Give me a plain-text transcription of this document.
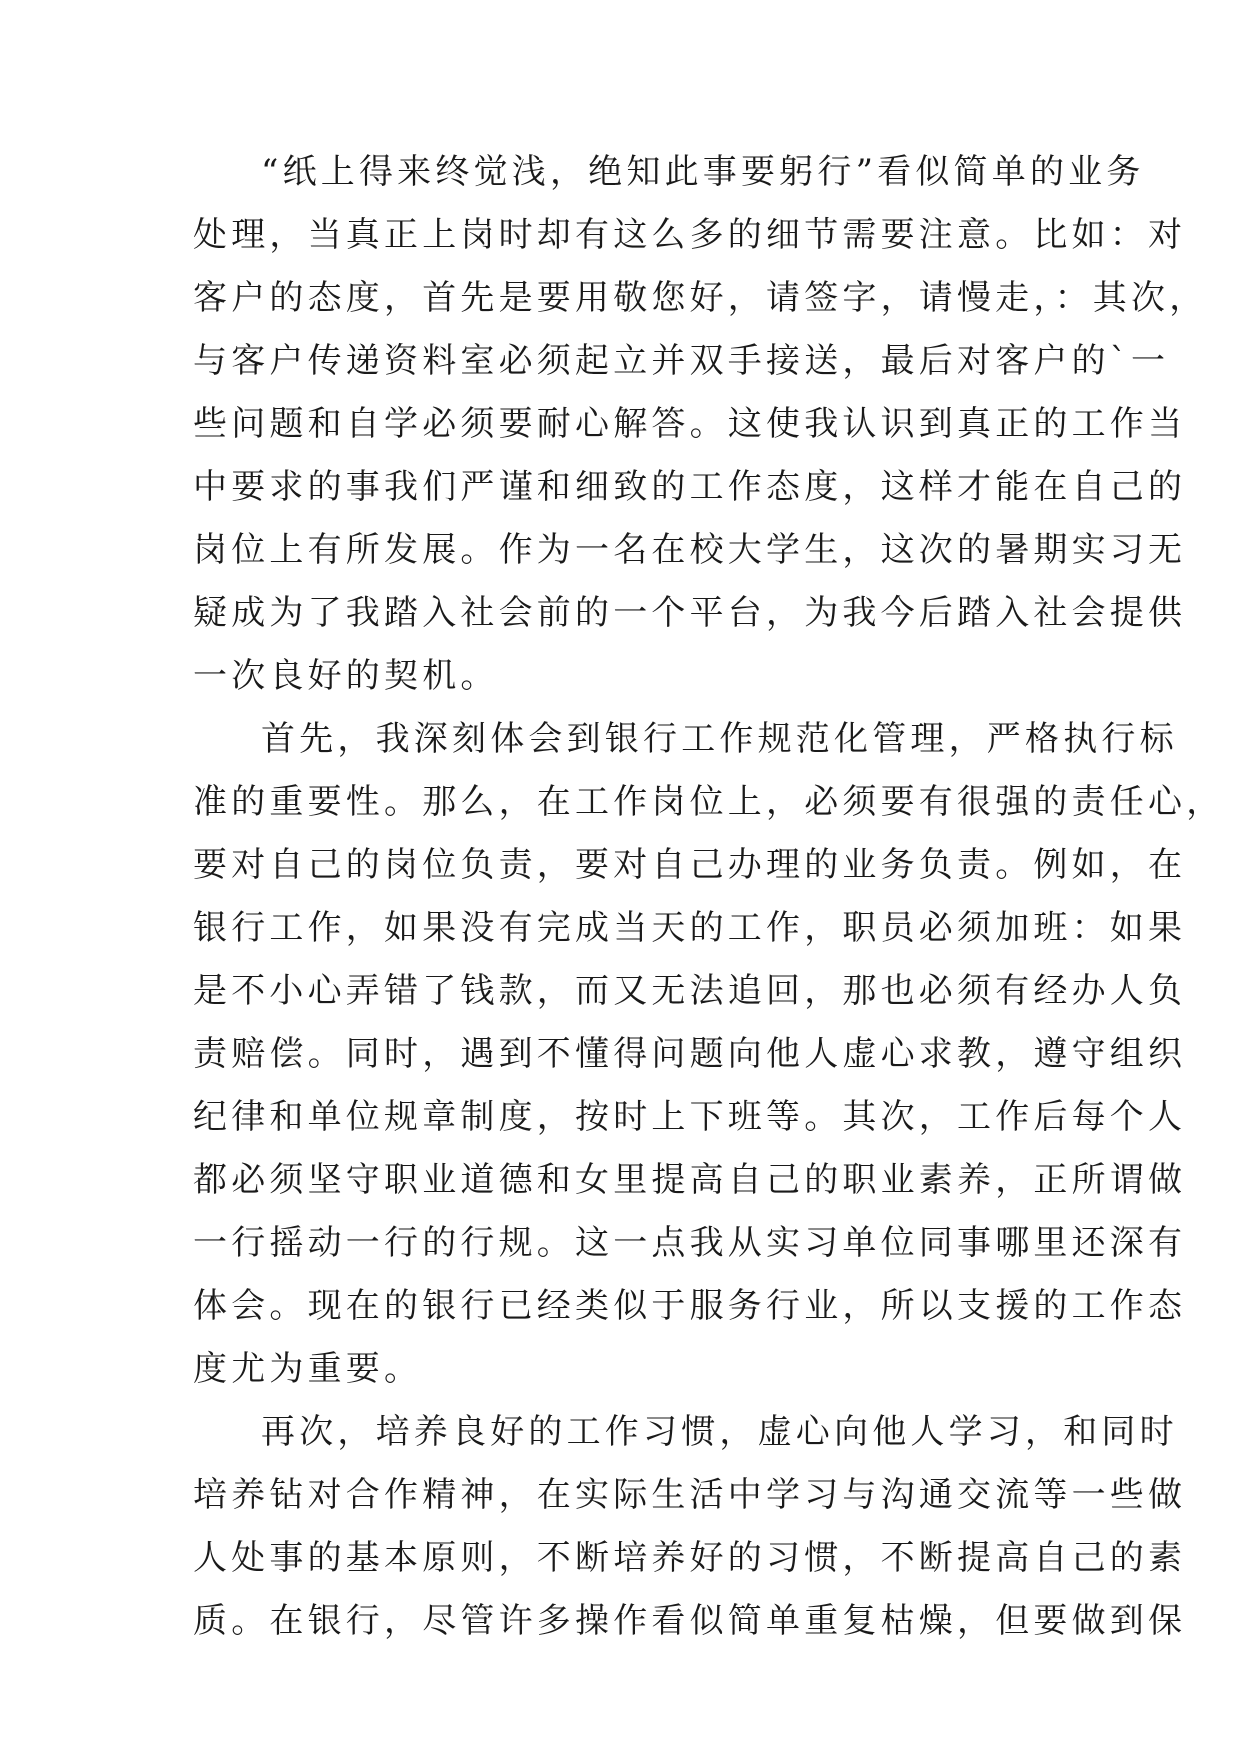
“纸上得来终觉浅，绝知此事要躬行”看似简单的业务
处理，当真正上岗时却有这么多的细节需要注意。比如：对
客户的态度，首先是要用敬您好，请签字，请慢走，：其次，
与客户传递资料室必须起立并双手接送，最后对客户的`一
些问题和自学必须要耐心解答。这使我认识到真正的工作当
中要求的事我们严谨和细致的工作态度，这样才能在自己的
岗位上有所发展。作为一名在校大学生，这次的暑期实习无
疑成为了我踏入社会前的一个平台，为我今后踏入社会提供
一次良好的契机。
首先，我深刻体会到银行工作规范化管理，严格执行标
准的重要性。那么，在工作岗位上，必须要有很强的责任心，
要对自己的岗位负责，要对自己办理的业务负责。例如，在
银行工作，如果没有完成当天的工作，职员必须加班：如果
是不小心弄错了钱款，而又无法追回，那也必须有经办人负
责赔偿。同时，遇到不懂得问题向他人虚心求教，遵守组织
纪律和单位规章制度，按时上下班等。其次，工作后每个人
都必须坚守职业道德和女里提高自己的职业素养，正所谓做
一行摇动一行的行规。这一点我从实习单位同事哪里还深有
体会。现在的银行已经类似于服务行业，所以支援的工作态
度尤为重要。
再次，培养良好的工作习惯，虚心向他人学习，和同时
培养钻对合作精神，在实际生活中学习与沟通交流等一些做
人处事的基本原则，不断培养好的习惯，不断提高自己的素
质。在银行，尽管许多操作看似简单重复枯燥，但要做到保
